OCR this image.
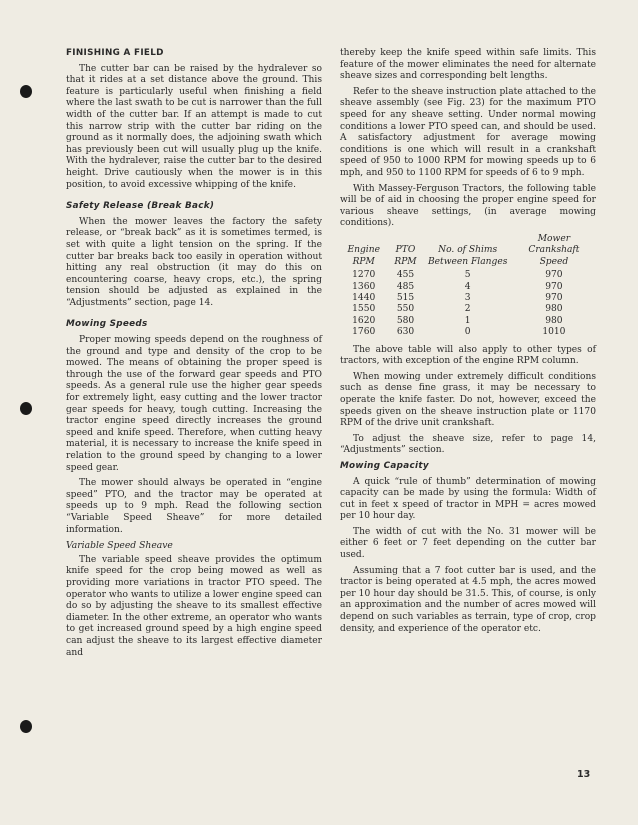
FINISHING A FIELD

The cutter bar can be raised by the hydralever so that it rides at a set distance above the ground. This feature is particularly useful when finishing a field where the last swath to be cut is narrower than the full width of the cutter bar. If an attempt is made to cut this narrow strip with the cutter bar riding on the ground as it normally does, the adjoining swath which has previously been cut will usually plug up the knife. With the hydralever, raise the cutter bar to the desired height. Drive cautiously when the mower is in this position, to avoid excessive whipping of the knife.

Safety Release (Break Back)

When the mower leaves the factory the safety release, or “break back” as it is sometimes termed, is set with quite a light tension on the spring. If the cutter bar breaks back too easily in operation without hitting any real obstruction (it may do this on encountering coarse, heavy crops, etc.), the spring tension should be adjusted as explained in the “Adjustments” section, page 14.

Mowing Speeds

Proper mowing speeds depend on the roughness of the ground and type and density of the crop to be mowed. The means of obtaining the proper speed is through the use of the forward gear speeds and PTO speeds. As a general rule use the higher gear speeds for extremely light, easy cutting and the lower tractor gear speeds for heavy, tough cutting. Increasing the tractor engine speed directly increases the ground speed and knife speed. Therefore, when cutting heavy material, it is necessary to increase the knife speed in relation to the ground speed by changing to a lower speed gear.

The mower should always be operated in “engine speed” PTO, and the tractor may be operated at speeds up to 9 mph. Read the following section “Variable Speed Sheave” for more detailed information.

Variable Speed Sheave

The variable speed sheave provides the optimum knife speed for the crop being mowed as well as providing more variations in tractor PTO speed. The operator who wants to utilize a lower engine speed can do so by adjusting the sheave to its smallest effective diameter. In the other extreme, an operator who wants to get increased ground speed by a high engine speed can adjust the sheave to its largest effective diameter and

thereby keep the knife speed within safe limits. This feature of the mower eliminates the need for alternate sheave sizes and corresponding belt lengths.

Refer to the sheave instruction plate attached to the sheave assembly (see Fig. 23) for the maximum PTO speed for any sheave setting. Under normal mowing conditions a lower PTO speed can, and should be used. A satisfactory adjustment for average mowing conditions is one which will result in a crankshaft speed of 950 to 1000 RPM for mowing speeds up to 6 mph, and 950 to 1100 RPM for speeds of 6 to 9 mph.

With Massey-Ferguson Tractors, the following table will be of aid in choosing the proper engine speed for various sheave settings, (in average mowing conditions).

Engine RPM	PTO RPM	No. of Shims Between Flanges	Mower Crankshaft Speed
1270	455	5	970
1360	485	4	970
1440	515	3	970
1550	550	2	980
1620	580	1	980
1760	630	0	1010

The above table will also apply to other types of tractors, with exception of the engine RPM column.

When mowing under extremely difficult conditions such as dense fine grass, it may be necessary to operate the knife faster. Do not, however, exceed the speeds given on the sheave instruction plate or 1170 RPM of the drive unit crankshaft.

To adjust the sheave size, refer to page 14, “Adjustments” section.

Mowing Capacity

A quick “rule of thumb” determination of mowing capacity can be made by using the formula: Width of cut in feet x speed of tractor in MPH = acres mowed per 10 hour day.

The width of cut with the No. 31 mower will be either 6 feet or 7 feet depending on the cutter bar used.

Assuming that a 7 foot cutter bar is used, and the tractor is being operated at 4.5 mph, the acres mowed per 10 hour day should be 31.5. This, of course, is only an approximation and the number of acres mowed will depend on such variables as terrain, type of crop, crop density, and experience of the operator etc.

13
